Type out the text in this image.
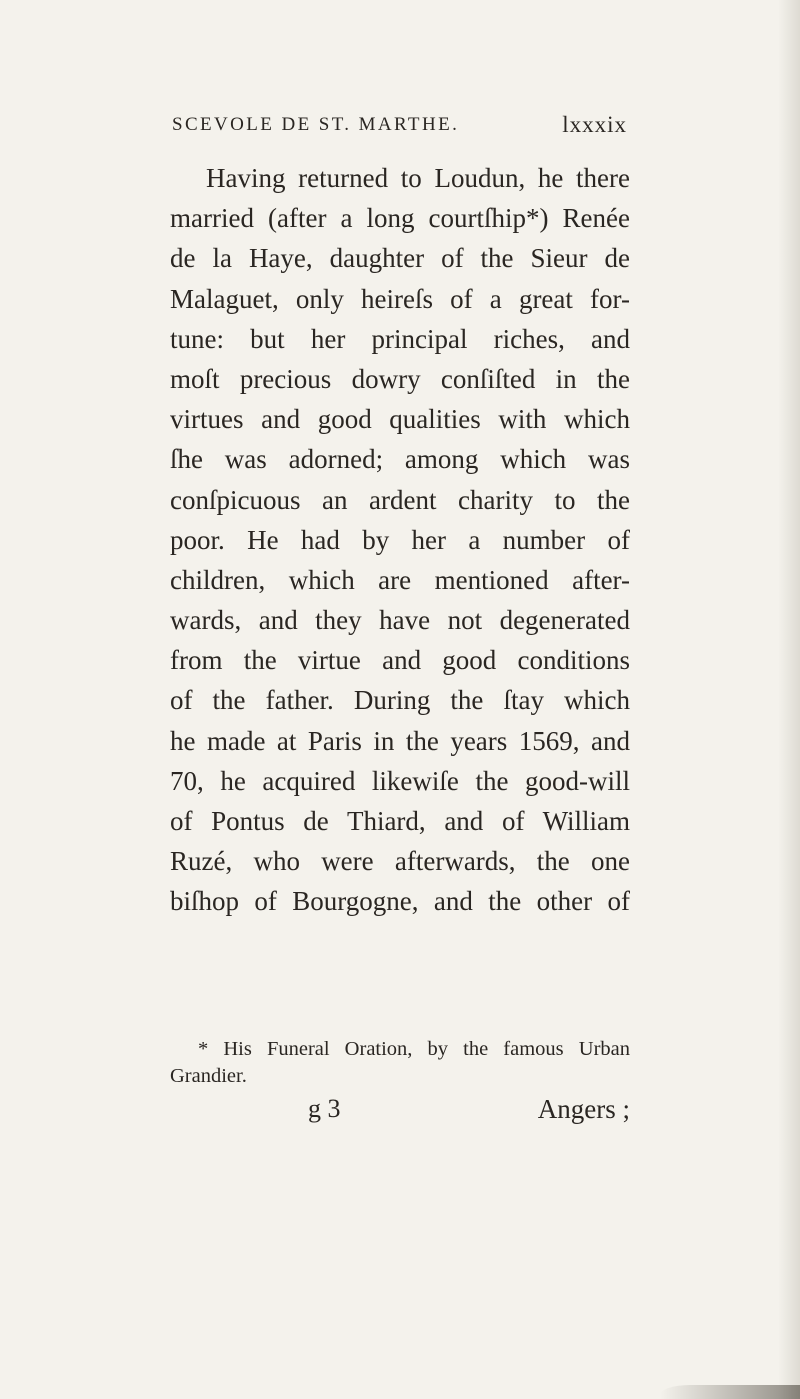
SCEVOLE DE ST. MARTHE.	lxxxix
Having returned to Loudun, he there
married (after a long courtſhip*) Renée
de la Haye, daughter of the Sieur de
Malaguet, only heireſs of a great for-
tune: but her principal riches, and
moſt precious dowry conſiſted in the
virtues and good qualities with which
ſhe was adorned; among which was
conſpicuous an ardent charity to the
poor. He had by her a number of
children, which are mentioned after-
wards, and they have not degenerated
from the virtue and good conditions
of the father. During the ſtay which
he made at Paris in the years 1569, and
70, he acquired likewiſe the good-will
of Pontus de Thiard, and of William
Ruzé, who were afterwards, the one
biſhop of Bourgogne, and the other of
* His Funeral Oration, by the famous Urban
Grandier.
g 3	Angers ;
